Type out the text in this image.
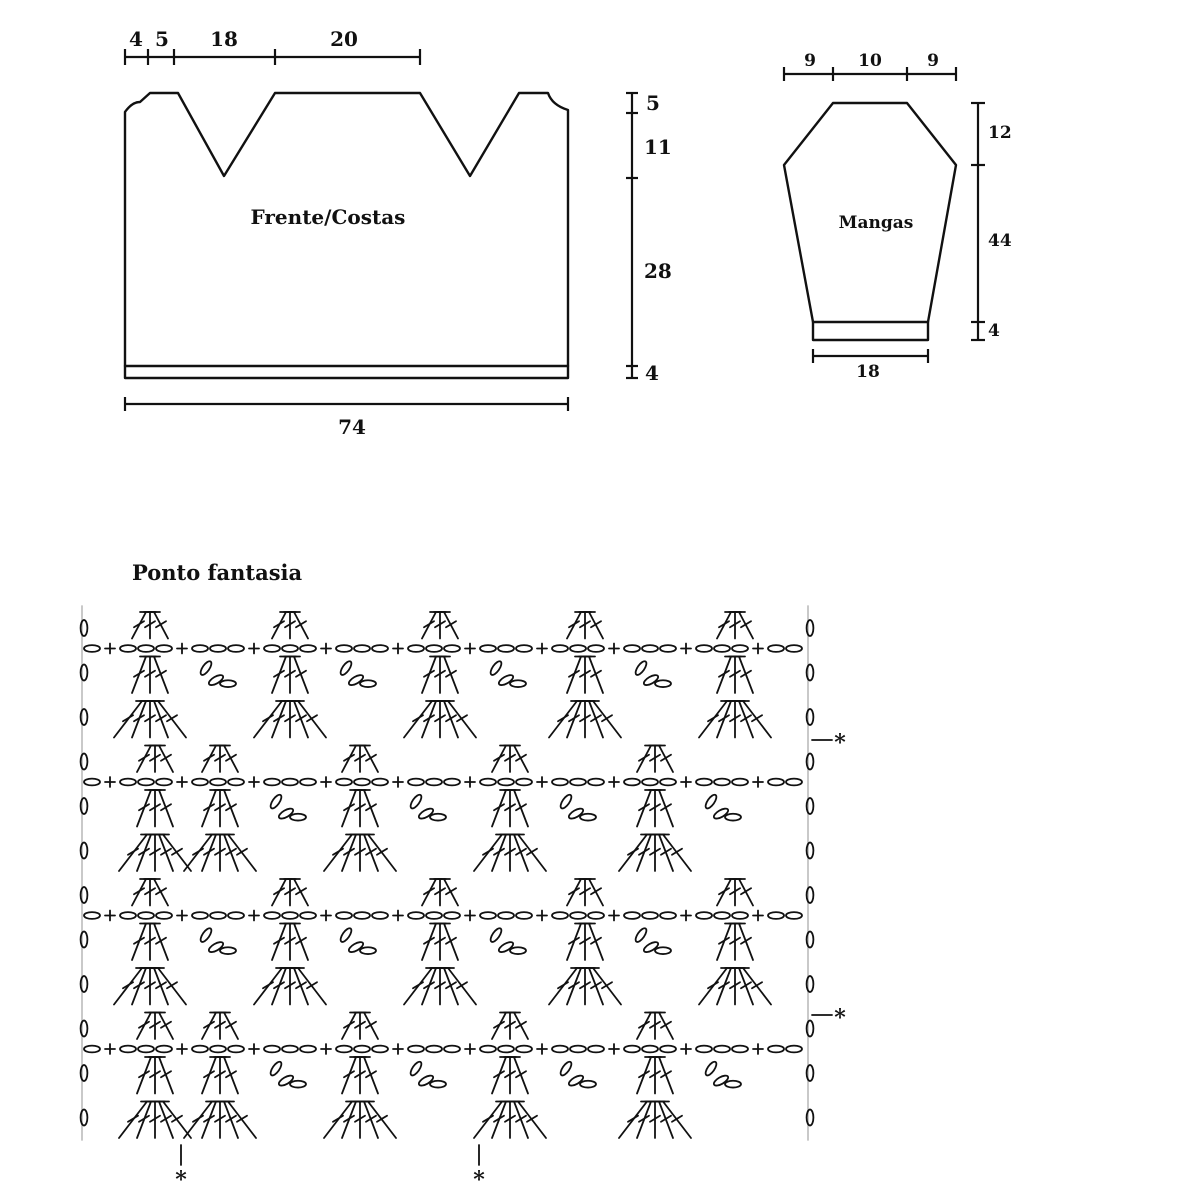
Frente/Costas
4 5 18	20
5
11
28
4
74
Mangas
9 10	9
12
44
4
18
Ponto fantasia
*
*
*	*
